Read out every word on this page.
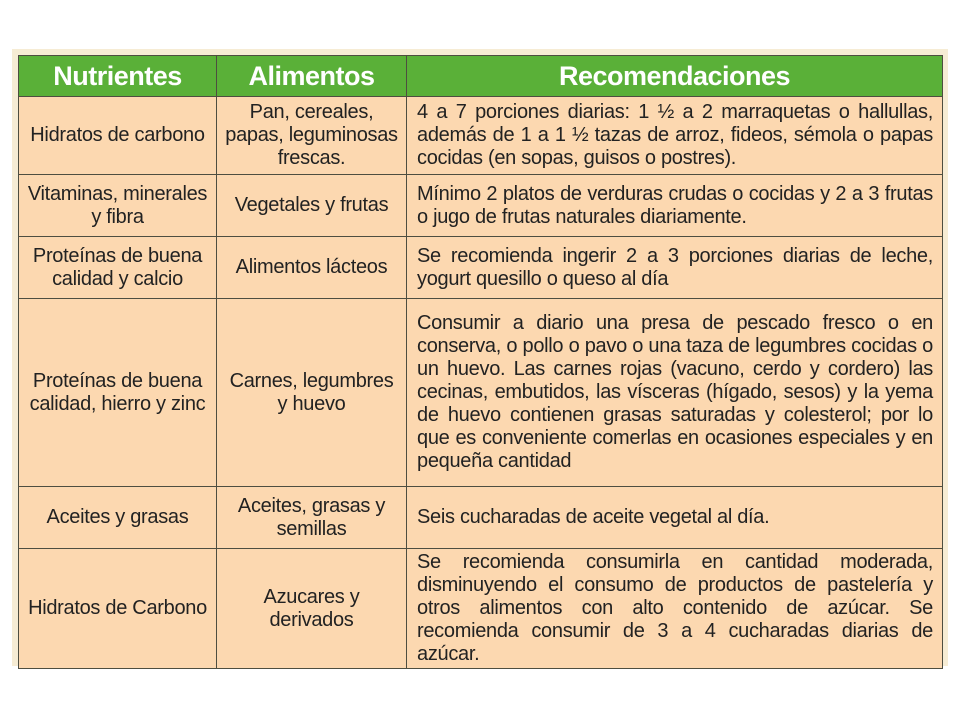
Nutrientes	Alimentos	Recomendaciones
Hidratos de carbono	Pan, cereales, papas, leguminosas frescas.	4 a 7 porciones diarias: 1 ½ a 2 marraquetas o hallullas, además de 1 a 1 ½ tazas de arroz, fideos, sémola o papas cocidas (en sopas, guisos o postres).
Vitaminas, minerales y fibra	Vegetales y frutas	Mínimo 2 platos de verduras crudas o cocidas y 2 a 3 frutas o jugo de frutas naturales diariamente.
Proteínas de buena calidad y calcio	Alimentos lácteos	Se recomienda ingerir 2 a 3 porciones diarias de leche, yogurt quesillo o queso al día
Proteínas de buena calidad, hierro y zinc	Carnes, legumbres y huevo	Consumir a diario una presa de pescado fresco o en conserva, o pollo o pavo o una taza de legumbres cocidas o un huevo. Las carnes rojas (vacuno, cerdo y cordero) las cecinas, embutidos, las vísceras (hígado, sesos) y la yema de huevo contienen grasas saturadas y colesterol; por lo que es conveniente comerlas en ocasiones especiales y en pequeña cantidad
Aceites y grasas	Aceites, grasas y semillas	Seis cucharadas de aceite vegetal al día.
Hidratos de Carbono	Azucares y derivados	Se recomienda consumirla en cantidad moderada, disminuyendo el consumo de productos de pastelería y otros alimentos con alto contenido de azúcar. Se recomienda consumir de 3 a 4 cucharadas diarias de azúcar.
